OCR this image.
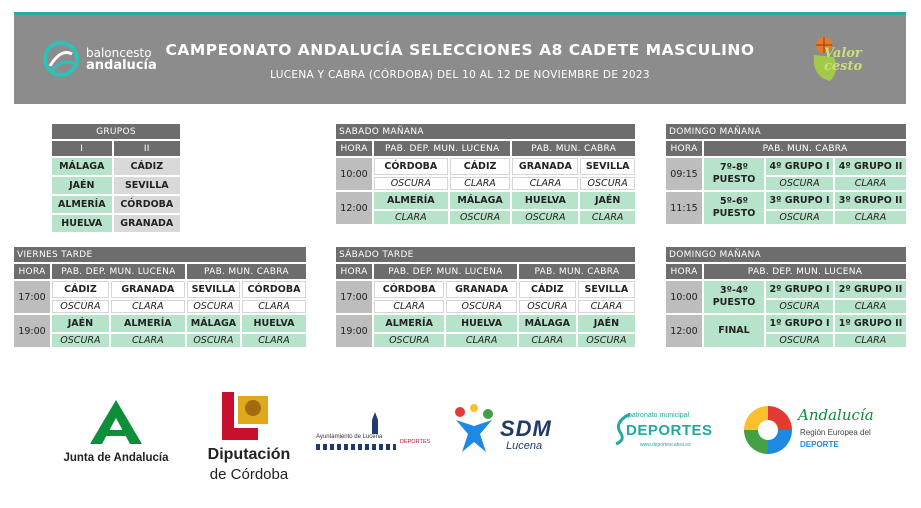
baloncesto
andalucía
CAMPEONATO ANDALUCÍA SELECCIONES A8 CADETE MASCULINO
LUCENA Y CABRA (CÓRDOBA) DEL 10 AL 12 DE NOVIEMBRE DE 2023
Valor cesto
GRUPOS	
I	II
MÁLAGA	CÁDIZ
JAÉN	SEVILLA
ALMERÍA	CÓRDOBA
HUELVA	GRANADA
SABADO MAÑANA				
HORA	PAB. DEP. MUN. LUCENA		PAB. MUN. CABRA	
10:00	CÓRDOBA	CÁDIZ	GRANADA	SEVILLA
	OSCURA	CLARA	CLARA	OSCURA
12:00	ALMERÍA	MÁLAGA	HUELVA	JAÉN
	CLARA	OSCURA	OSCURA	CLARA
DOMINGO MAÑANA			
HORA	PAB. MUN. CABRA		
09:15	7º-8º
PUESTO	4º GRUPO I	4º GRUPO II
		OSCURA	CLARA
11:15	5º-6º
PUESTO	3º GRUPO I	3º GRUPO II
		OSCURA	CLARA
VIERNES TARDE				
HORA	PAB. DEP. MUN. LUCENA		PAB. MUN. CABRA	
17:00	CÁDIZ	GRANADA	SEVILLA	CÓRDOBA
	OSCURA	CLARA	OSCURA	CLARA
19:00	JAÉN	ALMERÍA	MÁLAGA	HUELVA
	OSCURA	CLARA	OSCURA	CLARA
SÁBADO TARDE				
HORA	PAB. DEP. MUN. LUCENA		PAB. MUN. CABRA	
17:00	CÓRDOBA	GRANADA	CÁDIZ	SEVILLA
	CLARA	OSCURA	OSCURA	CLARA
19:00	ALMERÍA	HUELVA	MÁLAGA	JAÉN
	OSCURA	CLARA	CLARA	OSCURA
DOMINGO MAÑANA			
HORA	PAB. DEP. MUN. LUCENA		
10:00	3º-4º
PUESTO	2º GRUPO I	2º GRUPO II
		OSCURA	CLARA
12:00	FINAL	1º GRUPO I	1º GRUPO II
		OSCURA	CLARA
Junta de Andalucía	Diputación
de Córdoba
Ayuntamiento de Lucena
DEPORTES
SDM
Lucena
patronato municipal
DEPORTES
www.deportescabra.es
Andalucía
Región Europea del
DEPORTE
